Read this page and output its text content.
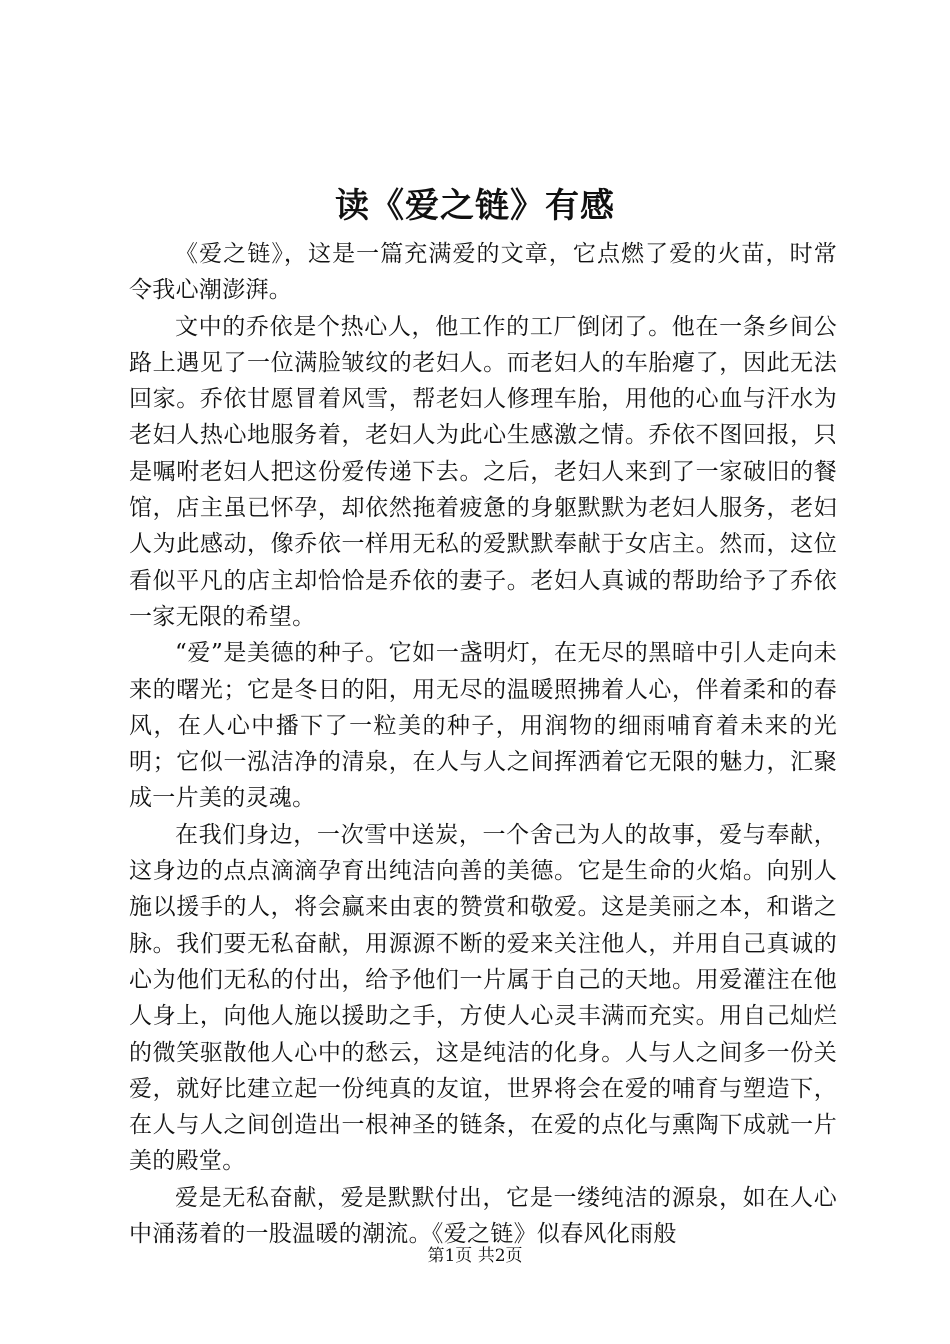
读《爱之链》有感

《爱之链》，这是一篇充满爱的文章，它点燃了爱的火苗，时常令我心潮澎湃。

文中的乔依是个热心人，他工作的工厂倒闭了。他在一条乡间公路上遇见了一位满脸皱纹的老妇人。而老妇人的车胎瘪了，因此无法回家。乔依甘愿冒着风雪，帮老妇人修理车胎，用他的心血与汗水为老妇人热心地服务着，老妇人为此心生感激之情。乔依不图回报，只是嘱咐老妇人把这份爱传递下去。之后，老妇人来到了一家破旧的餐馆，店主虽已怀孕，却依然拖着疲惫的身躯默默为老妇人服务，老妇人为此感动，像乔依一样用无私的爱默默奉献于女店主。然而，这位看似平凡的店主却恰恰是乔依的妻子。老妇人真诚的帮助给予了乔依一家无限的希望。

“爱”是美德的种子。它如一盏明灯，在无尽的黑暗中引人走向未来的曙光；它是冬日的阳，用无尽的温暖照拂着人心，伴着柔和的春风，在人心中播下了一粒美的种子，用润物的细雨哺育着未来的光明；它似一泓洁净的清泉，在人与人之间挥洒着它无限的魅力，汇聚成一片美的灵魂。

在我们身边，一次雪中送炭，一个舍己为人的故事，爱与奉献，这身边的点点滴滴孕育出纯洁向善的美德。它是生命的火焰。向别人施以援手的人，将会赢来由衷的赞赏和敬爱。这是美丽之本，和谐之脉。我们要无私奋献，用源源不断的爱来关注他人，并用自己真诚的心为他们无私的付出，给予他们一片属于自己的天地。用爱灌注在他人身上，向他人施以援助之手，方使人心灵丰满而充实。用自己灿烂的微笑驱散他人心中的愁云，这是纯洁的化身。人与人之间多一份关爱，就好比建立起一份纯真的友谊，世界将会在爱的哺育与塑造下，在人与人之间创造出一根神圣的链条，在爱的点化与熏陶下成就一片美的殿堂。

爱是无私奋献，爱是默默付出，它是一缕纯洁的源泉，如在人心中涌荡着的一股温暖的潮流。《爱之链》似春风化雨般

第1页 共2页
